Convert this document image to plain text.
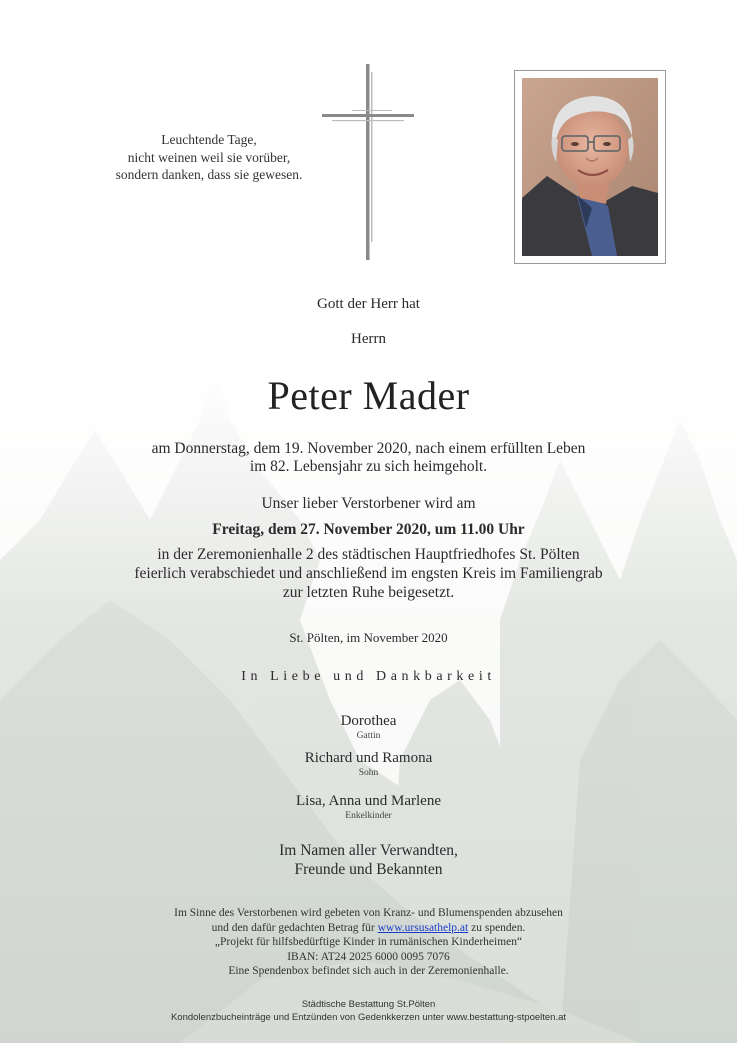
Leuchtende Tage,
nicht weinen weil sie vorüber,
sondern danken, dass sie gewesen.
Gott der Herr hat
Herrn
Peter Mader
am Donnerstag, dem 19. November 2020, nach einem erfüllten Leben
im 82. Lebensjahr zu sich heimgeholt.
Unser lieber Verstorbener wird am
Freitag, dem 27. November 2020, um 11.00 Uhr
in der Zeremonienhalle 2 des städtischen Hauptfriedhofes St. Pölten
feierlich verabschiedet und anschließend im engsten Kreis im Familiengrab
zur letzten Ruhe beigesetzt.
St. Pölten, im November 2020
In Liebe und Dankbarkeit
Dorothea
Gattin
Richard und Ramona
Sohn
Lisa, Anna und Marlene
Enkelkinder
Im Namen aller Verwandten,
Freunde und Bekannten
Im Sinne des Verstorbenen wird gebeten von Kranz- und Blumenspenden abzusehen
und den dafür gedachten Betrag für www.ursusathelp.at zu spenden.
„Projekt für hilfsbedürftige Kinder in rumänischen Kinderheimen“
IBAN: AT24 2025 6000 0095 7076
Eine Spendenbox befindet sich auch in der Zeremonienhalle.
Städtische Bestattung St.Pölten
Kondolenzbucheinträge und Entzünden von Gedenkkerzen unter www.bestattung-stpoelten.at
